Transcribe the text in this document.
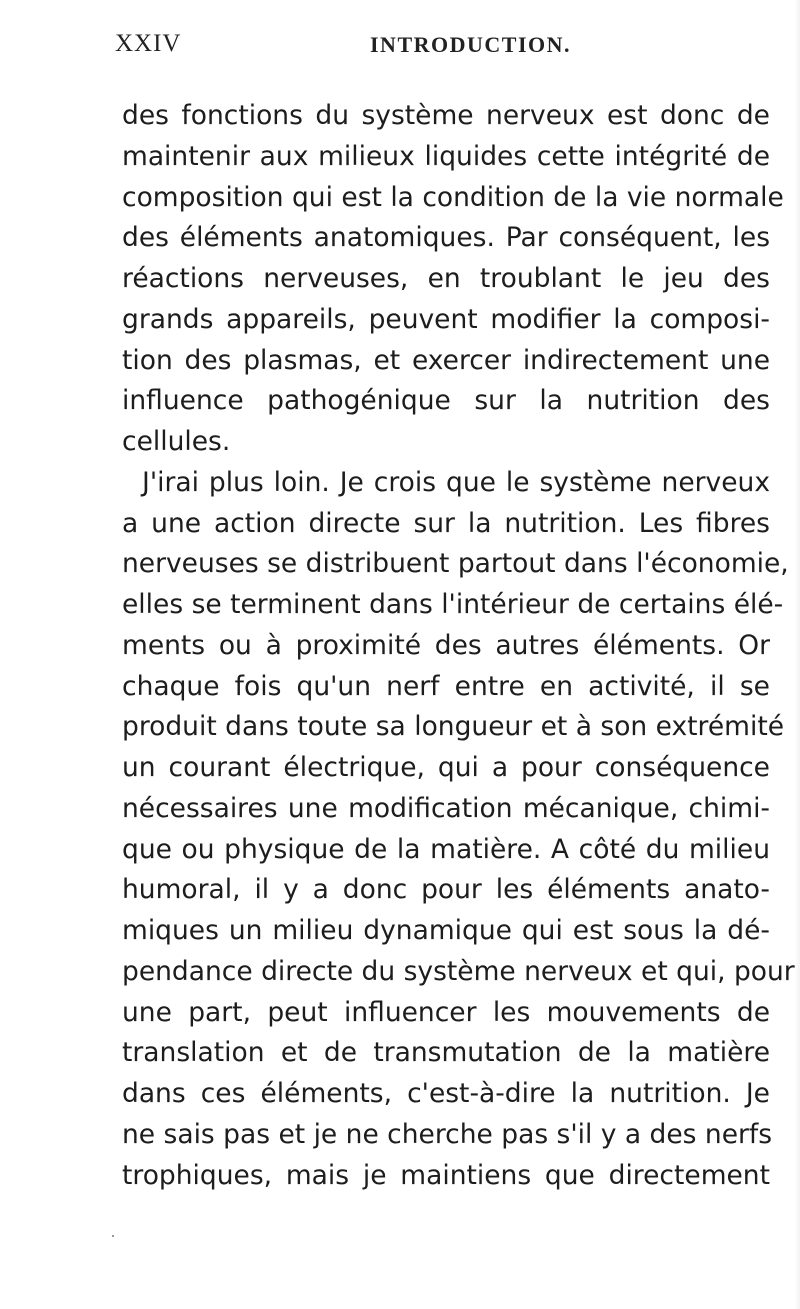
XXIV	INTRODUCTION.
des fonctions du système nerveux est donc de
maintenir aux milieux liquides cette intégrité de
composition qui est la condition de la vie normale
des éléments anatomiques. Par conséquent, les
réactions nerveuses, en troublant le jeu des
grands appareils, peuvent modifier la composi-
tion des plasmas, et exercer indirectement une
influence pathogénique sur la nutrition des
cellules.
J'irai plus loin. Je crois que le système nerveux
a une action directe sur la nutrition. Les fibres
nerveuses se distribuent partout dans l'économie,
elles se terminent dans l'intérieur de certains élé-
ments ou à proximité des autres éléments. Or
chaque fois qu'un nerf entre en activité, il se
produit dans toute sa longueur et à son extrémité
un courant électrique, qui a pour conséquence
nécessaires une modification mécanique, chimi-
que ou physique de la matière. A côté du milieu
humoral, il y a donc pour les éléments anato-
miques un milieu dynamique qui est sous la dé-
pendance directe du système nerveux et qui, pour
une part, peut influencer les mouvements de
translation et de transmutation de la matière
dans ces éléments, c'est-à-dire la nutrition. Je
ne sais pas et je ne cherche pas s'il y a des nerfs
trophiques, mais je maintiens que directement
